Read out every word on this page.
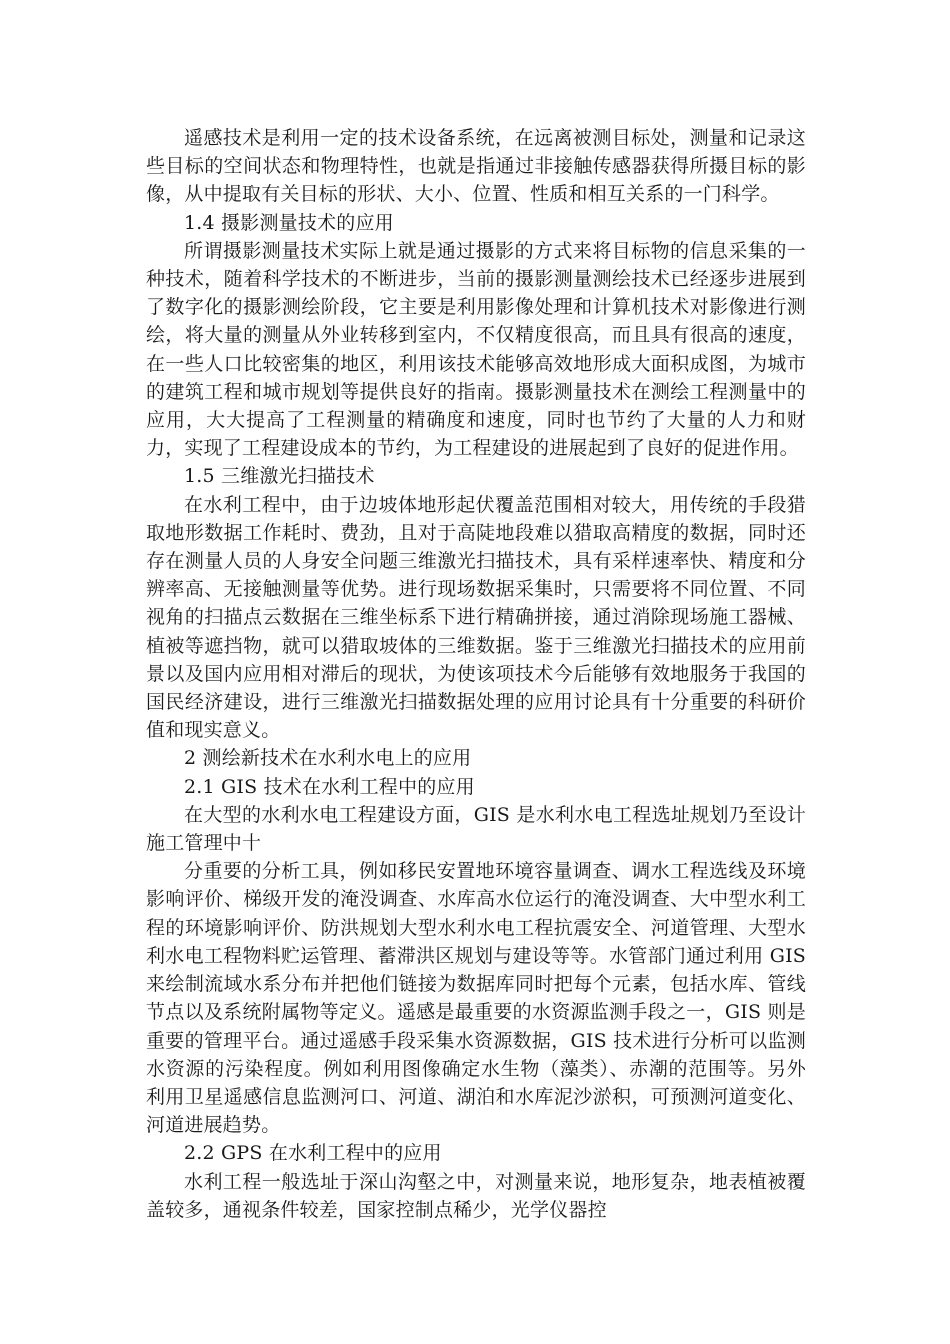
遥感技术是利用一定的技术设备系统，在远离被测目标处，测量和记录这些目标的空间状态和物理特性，也就是指通过非接触传感器获得所摄目标的影像，从中提取有关目标的形状、大小、位置、性质和相互关系的一门科学。

1.4 摄影测量技术的应用

所谓摄影测量技术实际上就是通过摄影的方式来将目标物的信息采集的一种技术，随着科学技术的不断进步，当前的摄影测量测绘技术已经逐步进展到了数字化的摄影测绘阶段，它主要是利用影像处理和计算机技术对影像进行测绘，将大量的测量从外业转移到室内，不仅精度很高，而且具有很高的速度，在一些人口比较密集的地区，利用该技术能够高效地形成大面积成图，为城市的建筑工程和城市规划等提供良好的指南。摄影测量技术在测绘工程测量中的应用，大大提高了工程测量的精确度和速度，同时也节约了大量的人力和财力，实现了工程建设成本的节约，为工程建设的进展起到了良好的促进作用。

1.5 三维激光扫描技术

在水利工程中，由于边坡体地形起伏覆盖范围相对较大，用传统的手段猎取地形数据工作耗时、费劲，且对于高陡地段难以猎取高精度的数据，同时还存在测量人员的人身安全问题三维激光扫描技术，具有采样速率快、精度和分辨率高、无接触测量等优势。进行现场数据采集时，只需要将不同位置、不同视角的扫描点云数据在三维坐标系下进行精确拼接，通过消除现场施工器械、植被等遮挡物，就可以猎取坡体的三维数据。鉴于三维激光扫描技术的应用前景以及国内应用相对滞后的现状，为使该项技术今后能够有效地服务于我国的国民经济建设，进行三维激光扫描数据处理的应用讨论具有十分重要的科研价值和现实意义。

2 测绘新技术在水利水电上的应用

2.1 GIS 技术在水利工程中的应用

在大型的水利水电工程建设方面，GIS 是水利水电工程选址规划乃至设计施工管理中十

分重要的分析工具，例如移民安置地环境容量调查、调水工程选线及环境影响评价、梯级开发的淹没调查、水库高水位运行的淹没调查、大中型水利工程的环境影响评价、防洪规划大型水利水电工程抗震安全、河道管理、大型水利水电工程物料贮运管理、蓄滞洪区规划与建设等等。水管部门通过利用 GIS 来绘制流域水系分布并把他们链接为数据库同时把每个元素，包括水库、管线节点以及系统附属物等定义。遥感是最重要的水资源监测手段之一，GIS 则是重要的管理平台。通过遥感手段采集水资源数据，GIS 技术进行分析可以监测水资源的污染程度。例如利用图像确定水生物（藻类）、赤潮的范围等。另外利用卫星遥感信息监测河口、河道、湖泊和水库泥沙淤积，可预测河道变化、河道进展趋势。

2.2 GPS 在水利工程中的应用

水利工程一般选址于深山沟壑之中，对测量来说，地形复杂，地表植被覆盖较多，通视条件较差，国家控制点稀少，光学仪器控
